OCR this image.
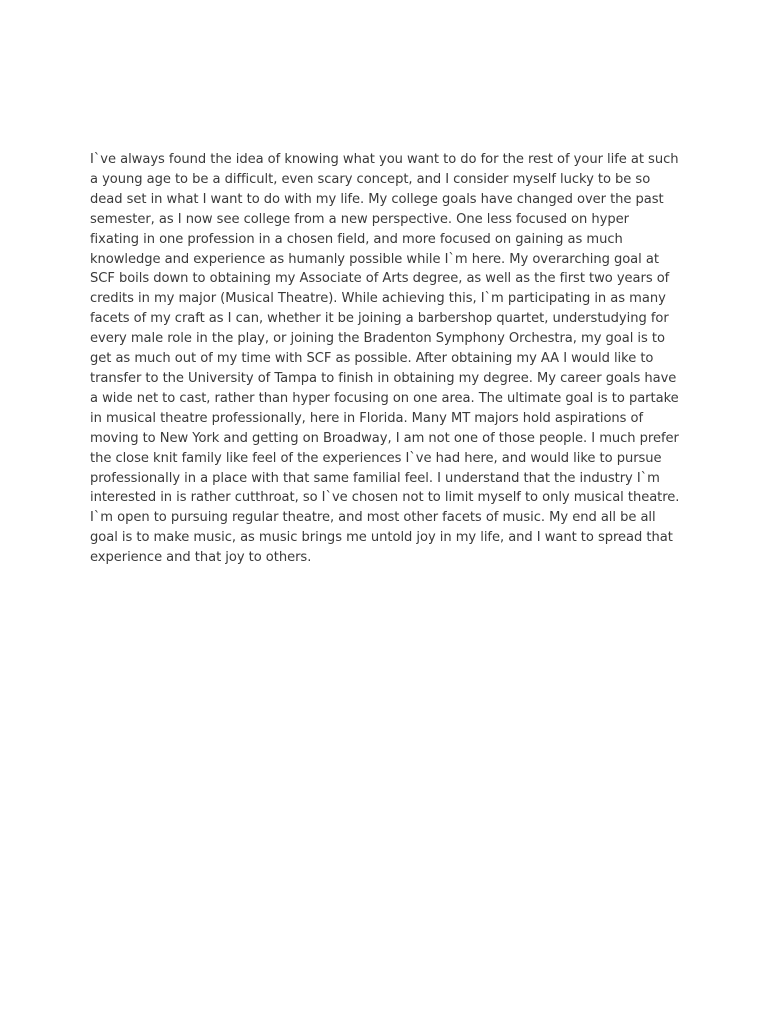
I`ve always found the idea of knowing what you want to do for the rest of your life at such a young age to be a difficult, even scary concept, and I consider myself lucky to be so dead set in what I want to do with my life. My college goals have changed over the past semester, as I now see college from a new perspective. One less focused on hyper fixating in one profession in a chosen field, and more focused on gaining as much knowledge and experience as humanly possible while I`m here. My overarching goal at SCF boils down to obtaining my Associate of Arts degree, as well as the first two years of credits in my major (Musical Theatre). While achieving this, I`m participating in as many facets of my craft as I can, whether it be joining a barbershop quartet, understudying for every male role in the play, or joining the Bradenton Symphony Orchestra, my goal is to get as much out of my time with SCF as possible. After obtaining my AA I would like to transfer to the University of Tampa to finish in obtaining my degree. My career goals have a wide net to cast, rather than hyper focusing on one area. The ultimate goal is to partake in musical theatre professionally, here in Florida. Many MT majors hold aspirations of moving to New York and getting on Broadway, I am not one of those people. I much prefer the close knit family like feel of the experiences I`ve had here, and would like to pursue professionally in a place with that same familial feel. I understand that the industry I`m interested in is rather cutthroat, so I`ve chosen not to limit myself to only musical theatre. I`m open to pursuing regular theatre, and most other facets of music. My end all be all goal is to make music, as music brings me untold joy in my life, and I want to spread that experience and that joy to others.
